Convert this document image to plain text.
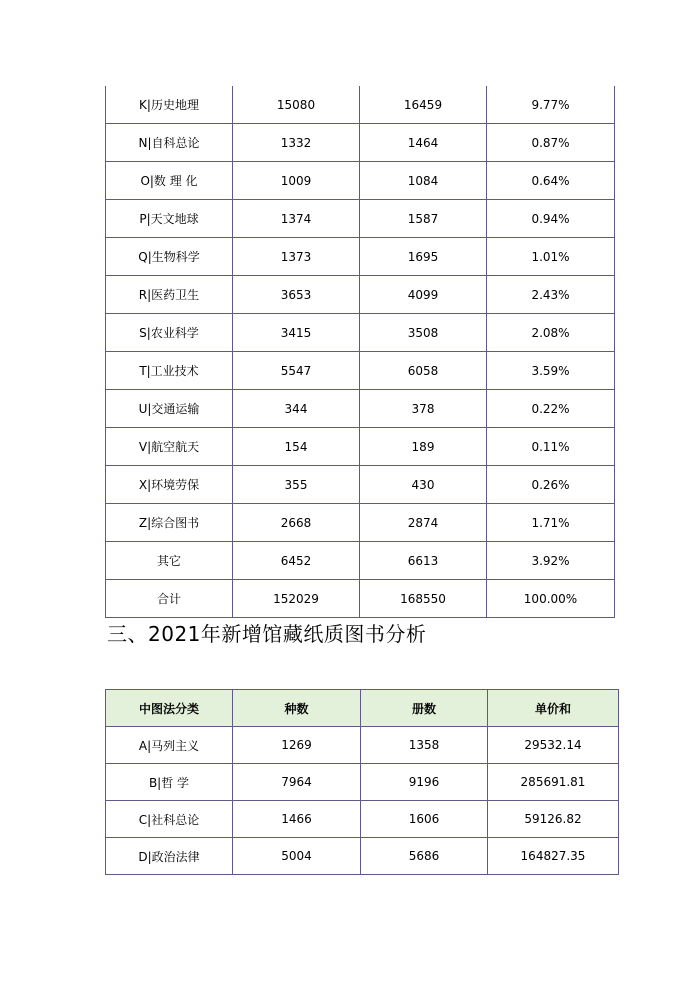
K|历史地理	15080	16459	9.77%
N|自科总论	1332	1464	0.87%
O|数 理 化	1009	1084	0.64%
P|天文地球	1374	1587	0.94%
Q|生物科学	1373	1695	1.01%
R|医药卫生	3653	4099	2.43%
S|农业科学	3415	3508	2.08%
T|工业技术	5547	6058	3.59%
U|交通运输	344	378	0.22%
V|航空航天	154	189	0.11%
X|环境劳保	355	430	0.26%
Z|综合图书	2668	2874	1.71%
其它	6452	6613	3.92%
合计	152029	168550	100.00%
三、2021年新增馆藏纸质图书分析
中图法分类	种数	册数	单价和
A|马列主义	1269	1358	29532.14
B|哲 学	7964	9196	285691.81
C|社科总论	1466	1606	59126.82
D|政治法律	5004	5686	164827.35
